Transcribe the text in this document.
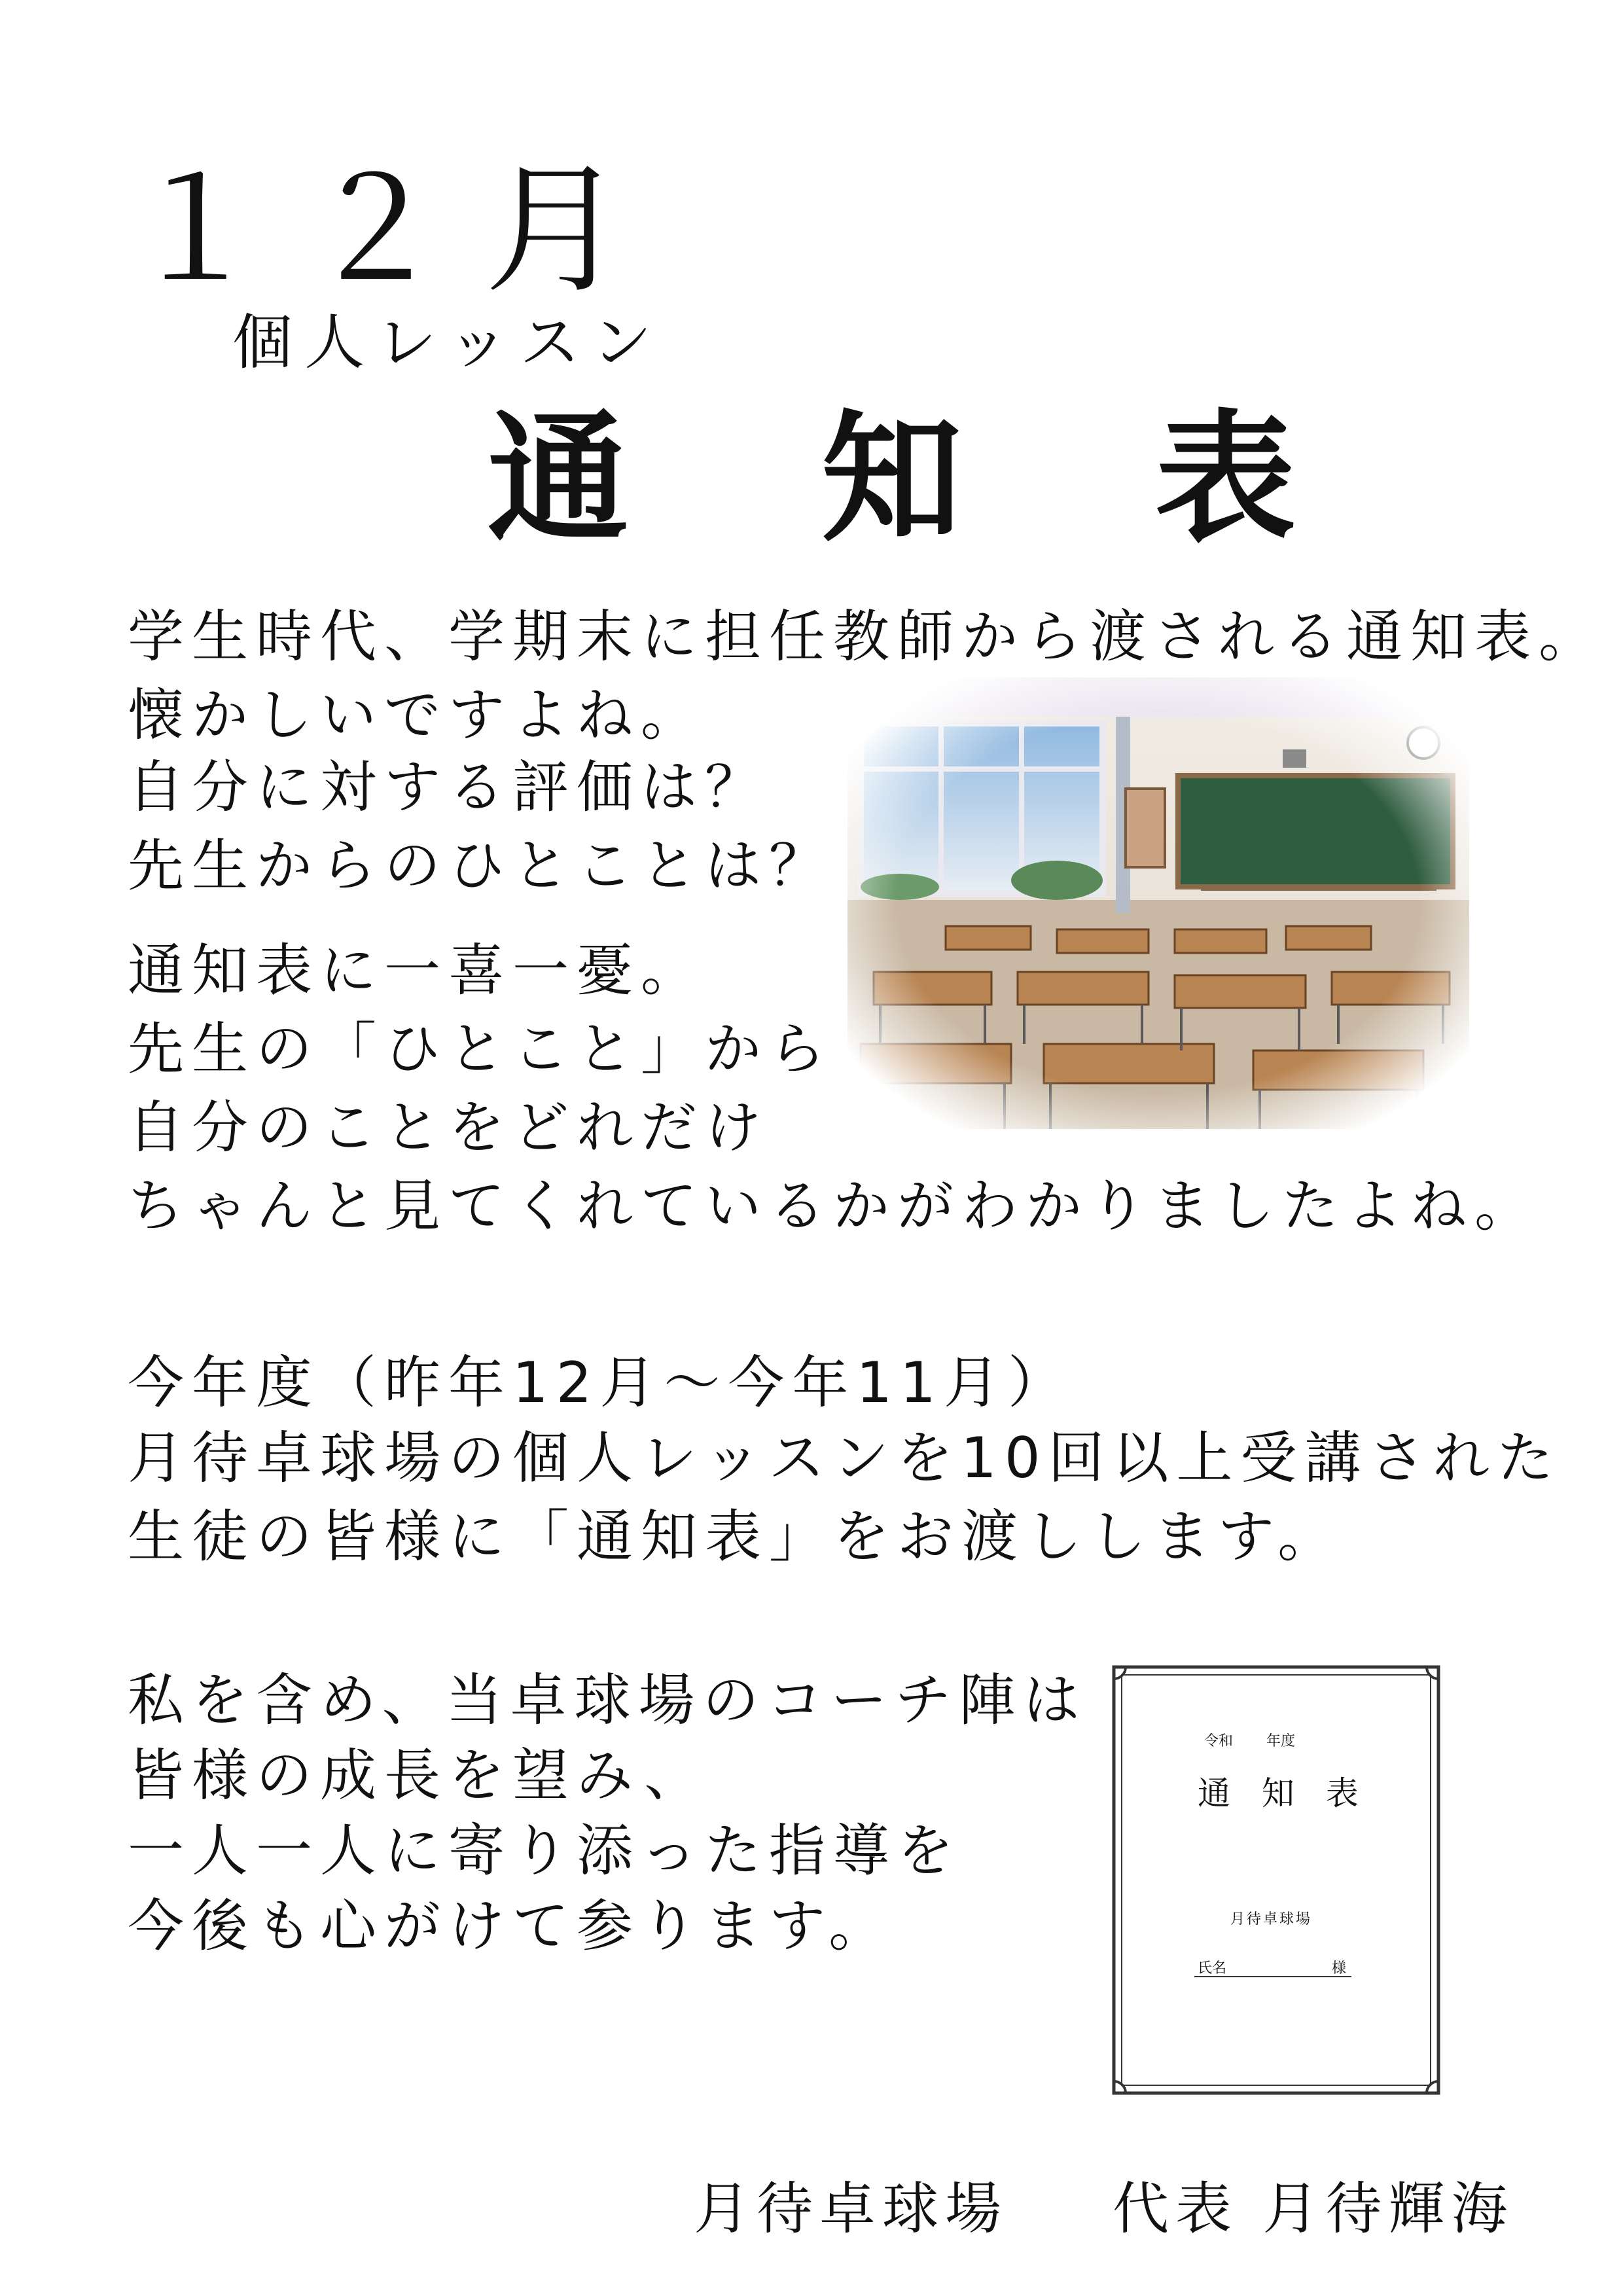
１２月
個人レッスン
通 知 表
学生時代、学期末に担任教師から渡される通知表。
懐かしいですよね。
自分に対する評価は？
先生からのひとことは？
通知表に一喜一憂。
先生の「ひとこと」から
自分のことをどれだけ
ちゃんと見てくれているかがわかりましたよね。
今年度（昨年12月～今年11月）
月待卓球場の個人レッスンを10回以上受講された
生徒の皆様に「通知表」をお渡しします。
私を含め、当卓球場のコーチ陣は
皆様の成長を望み、
一人一人に寄り添った指導を
今後も心がけて参ります。
令和 年度
通 知 表
月待卓球場
氏名	様
月待卓球場 代表 月待輝海
